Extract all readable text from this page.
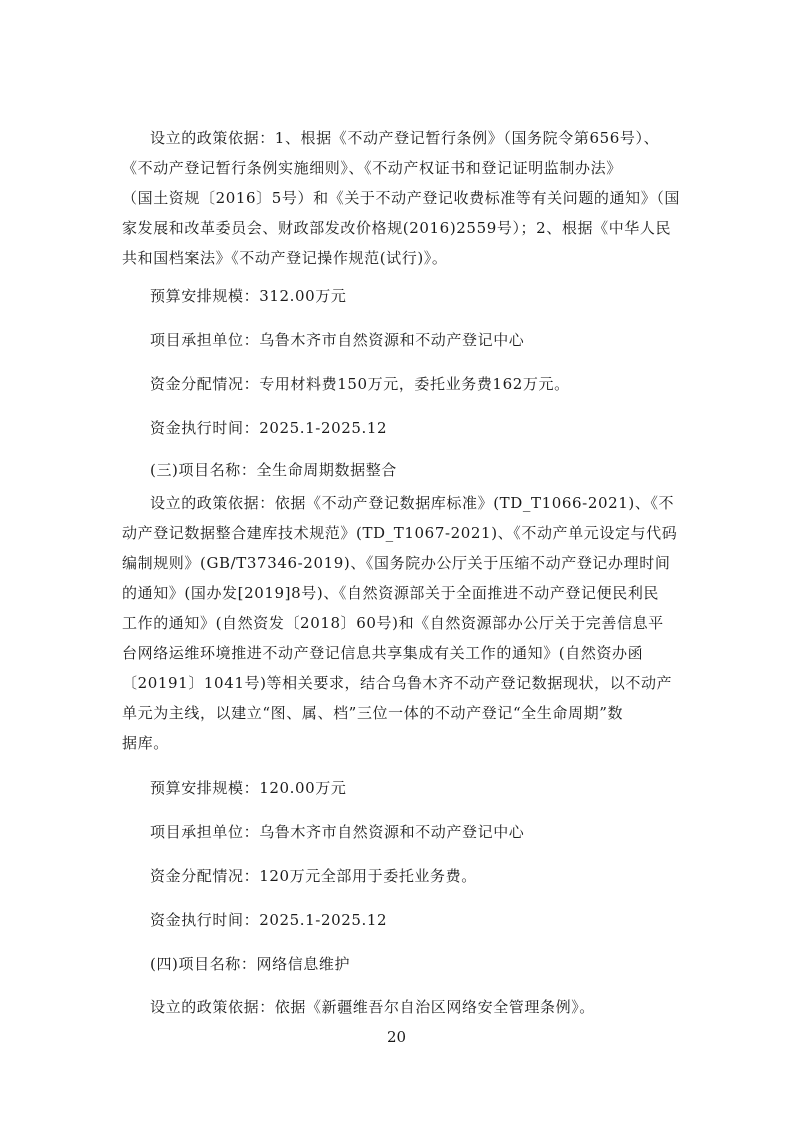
设立的政策依据：1、根据《不动产登记暂行条例》（国务院令第656号）、
《不动产登记暂行条例实施细则》、《不动产权证书和登记证明监制办法》
（国土资规〔2016〕5号）和《关于不动产登记收费标准等有关问题的通知》（国
家发展和改革委员会、财政部发改价格规(2016)2559号）；2、根据《中华人民
共和国档案法》《不动产登记操作规范(试行)》。
预算安排规模：312.00万元
项目承担单位：乌鲁木齐市自然资源和不动产登记中心
资金分配情况：专用材料费150万元，委托业务费162万元。
资金执行时间：2025.1-2025.12
(三)项目名称：全生命周期数据整合
设立的政策依据：依据《不动产登记数据库标准》(TD_T1066-2021)、《不
动产登记数据整合建库技术规范》(TD_T1067-2021)、《不动产单元设定与代码
编制规则》(GB/T37346-2019)、《国务院办公厅关于压缩不动产登记办理时间
的通知》(国办发[2019]8号)、《自然资源部关于全面推进不动产登记便民利民
工作的通知》(自然资发〔2018〕60号)和《自然资源部办公厅关于完善信息平
台网络运维环境推进不动产登记信息共享集成有关工作的通知》(自然资办函
〔20191〕1041号)等相关要求，结合乌鲁木齐不动产登记数据现状，以不动产
单元为主线，以建立“图、属、档”三位一体的不动产登记“全生命周期”数
据库。
预算安排规模：120.00万元
项目承担单位：乌鲁木齐市自然资源和不动产登记中心
资金分配情况：120万元全部用于委托业务费。
资金执行时间：2025.1-2025.12
(四)项目名称：网络信息维护
设立的政策依据：依据《新疆维吾尔自治区网络安全管理条例》。
20
